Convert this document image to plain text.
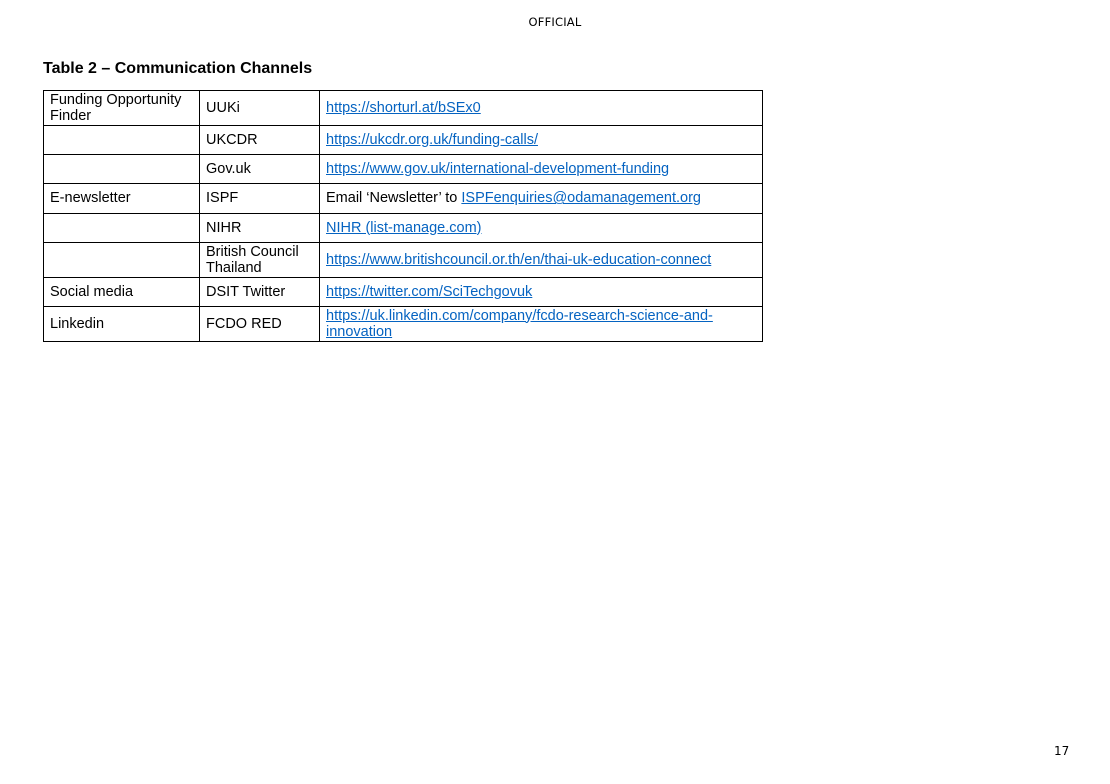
OFFICIAL
Table 2 – Communication Channels
Funding Opportunity Finder	UUKi	https://shorturl.at/bSEx0
	UKCDR	https://ukcdr.org.uk/funding-calls/
	Gov.uk	https://www.gov.uk/international-development-funding
E-newsletter	ISPF	Email ‘Newsletter’ to ISPFenquiries@odamanagement.org
	NIHR	NIHR (list-manage.com)
	British Council Thailand	https://www.britishcouncil.or.th/en/thai-uk-education-connect
Social media	DSIT Twitter	https://twitter.com/SciTechgovuk
Linkedin	FCDO RED	https://uk.linkedin.com/company/fcdo-research-science-and-innovation
17
